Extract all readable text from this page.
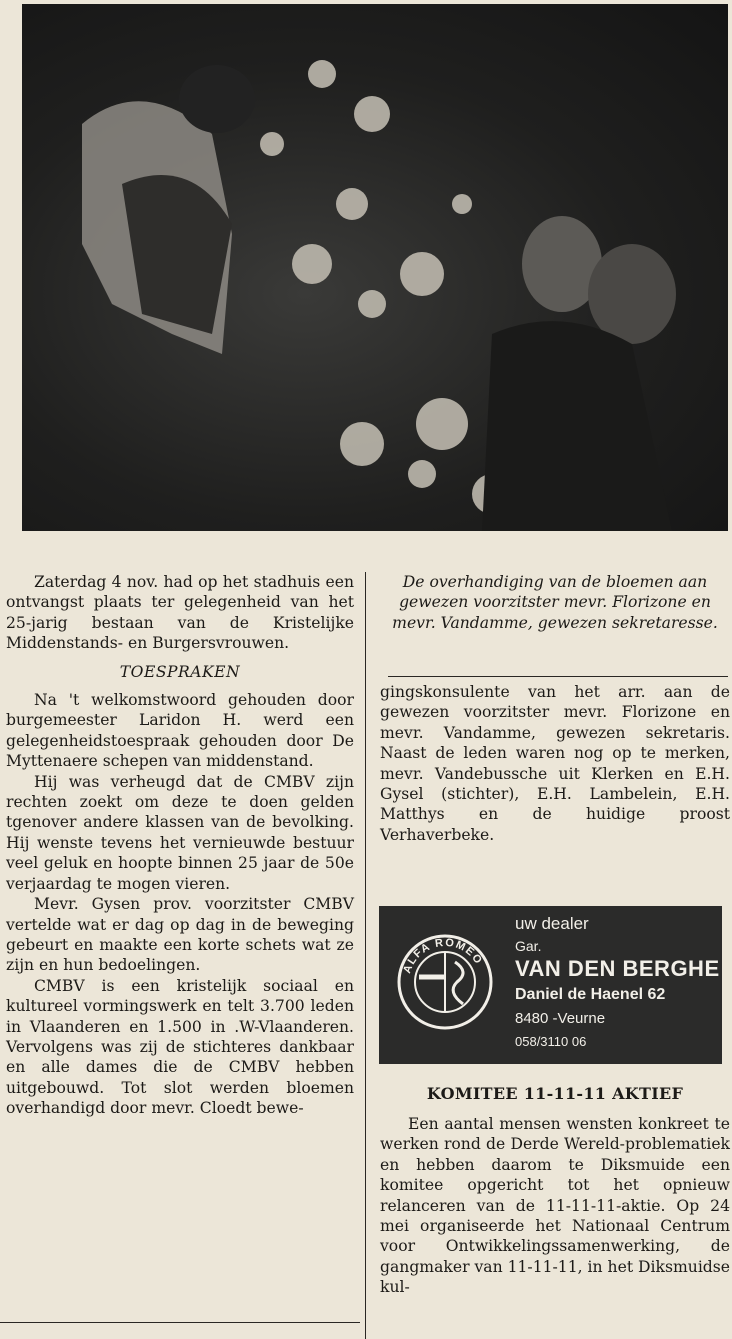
Zaterdag 4 nov. had op het stadhuis een ontvangst plaats ter gelegenheid van het 25-jarig bestaan van de Kristelijke Middenstands- en Burgersvrouwen.

TOESPRAKEN

Na 't welkomstwoord gehouden door burgemeester Laridon H. werd een gelegenheidstoespraak gehouden door De Myttenaere schepen van middenstand.

Hij was verheugd dat de CMBV zijn rechten zoekt om deze te doen gelden tgenover andere klassen van de bevolking. Hij wenste tevens het vernieuwde bestuur veel geluk en hoopte binnen 25 jaar de 50e verjaardag te mogen vieren.

Mevr. Gysen prov. voorzitster CMBV vertelde wat er dag op dag in de beweging gebeurt en maakte een korte schets wat ze zijn en hun bedoelingen.

CMBV is een kristelijk sociaal en kultureel vormingswerk en telt 3.700 leden in Vlaanderen en 1.500 in .W-Vlaanderen. Vervolgens was zij de stichteres dankbaar en alle dames die de CMBV hebben uitgebouwd. Tot slot werden bloemen overhandigd door mevr. Cloedt bewe-

De overhandiging van de bloemen aan gewezen voorzitster mevr. Florizone en mevr. Vandamme, gewezen sekretaresse.

gingskonsulente van het arr. aan de gewezen voorzitster mevr. Florizone en mevr. Vandamme, gewezen sekretaris. Naast de leden waren nog op te merken, mevr. Vandebussche uit Klerken en E.H. Gysel (stichter), E.H. Lambelein, E.H. Matthys en de huidige proost Verhaverbeke.

ALFA ROMEO
uw dealer
Gar.
VAN DEN BERGHE
Daniel de Haenel 62
8480 -Veurne
058/3110 06
KOMITEE 11-11-11 AKTIEF

Een aantal mensen wensten konkreet te werken rond de Derde Wereld-problematiek en hebben daarom te Diksmuide een komitee opgericht tot het opnieuw relanceren van de 11-11-11-aktie. Op 24 mei organiseerde het Nationaal Centrum voor Ontwikkelingssamenwerking, de gangmaker van 11-11-11, in het Diksmuidse kul-
